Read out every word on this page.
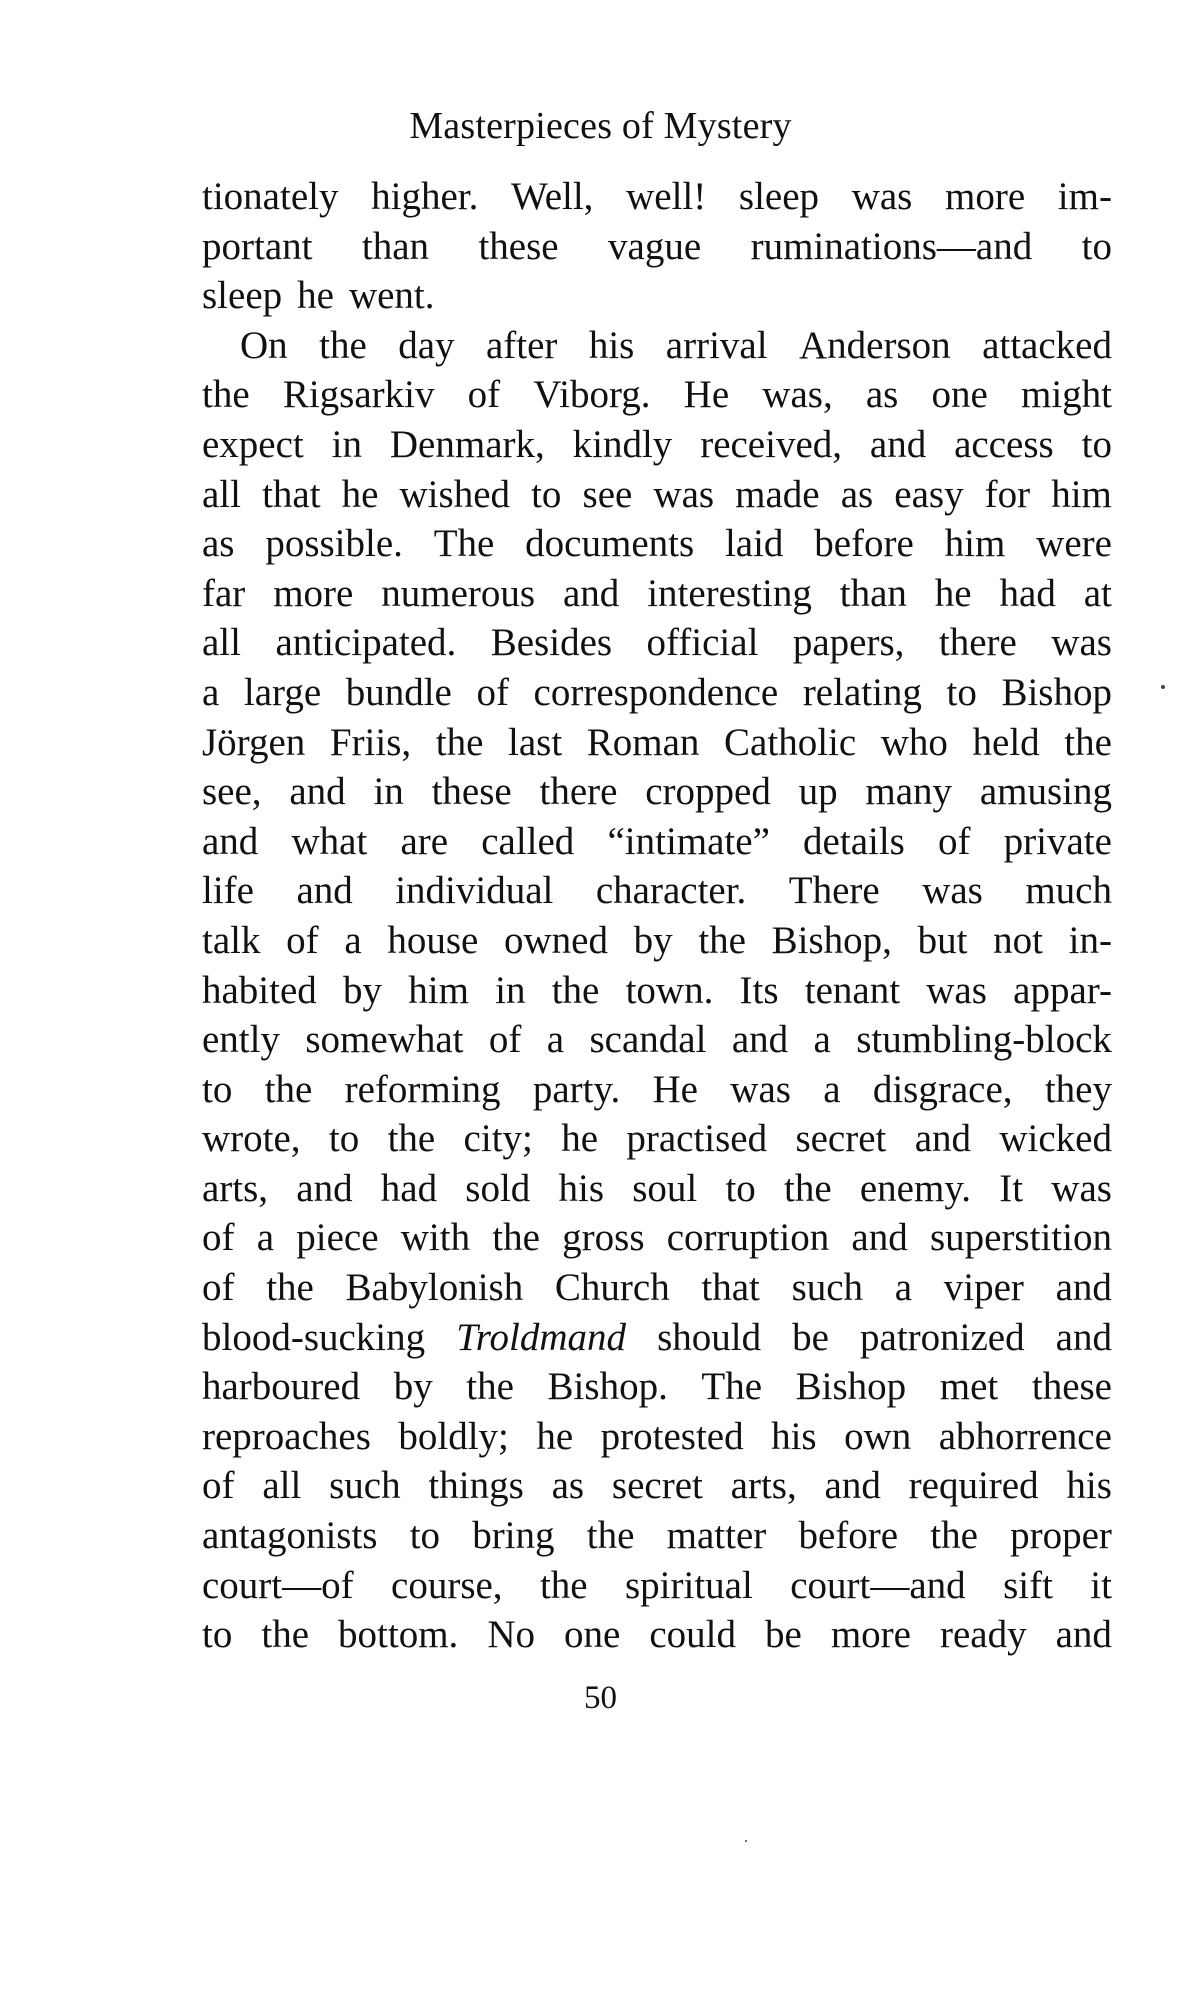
Masterpieces of Mystery
tionately higher. Well, well! sleep was more im-
portant than these vague ruminations—and to
sleep he went.
On the day after his arrival Anderson attacked
the Rigsarkiv of Viborg. He was, as one might
expect in Denmark, kindly received, and access to
all that he wished to see was made as easy for him
as possible. The documents laid before him were
far more numerous and interesting than he had at
all anticipated. Besides official papers, there was
a large bundle of correspondence relating to Bishop
Jörgen Friis, the last Roman Catholic who held the
see, and in these there cropped up many amusing
and what are called “intimate” details of private
life and individual character. There was much
talk of a house owned by the Bishop, but not in-
habited by him in the town. Its tenant was appar-
ently somewhat of a scandal and a stumbling-block
to the reforming party. He was a disgrace, they
wrote, to the city; he practised secret and wicked
arts, and had sold his soul to the enemy. It was
of a piece with the gross corruption and superstition
of the Babylonish Church that such a viper and
blood-sucking Troldmand should be patronized and
harboured by the Bishop. The Bishop met these
reproaches boldly; he protested his own abhorrence
of all such things as secret arts, and required his
antagonists to bring the matter before the proper
court—of course, the spiritual court—and sift it
to the bottom. No one could be more ready and
50
